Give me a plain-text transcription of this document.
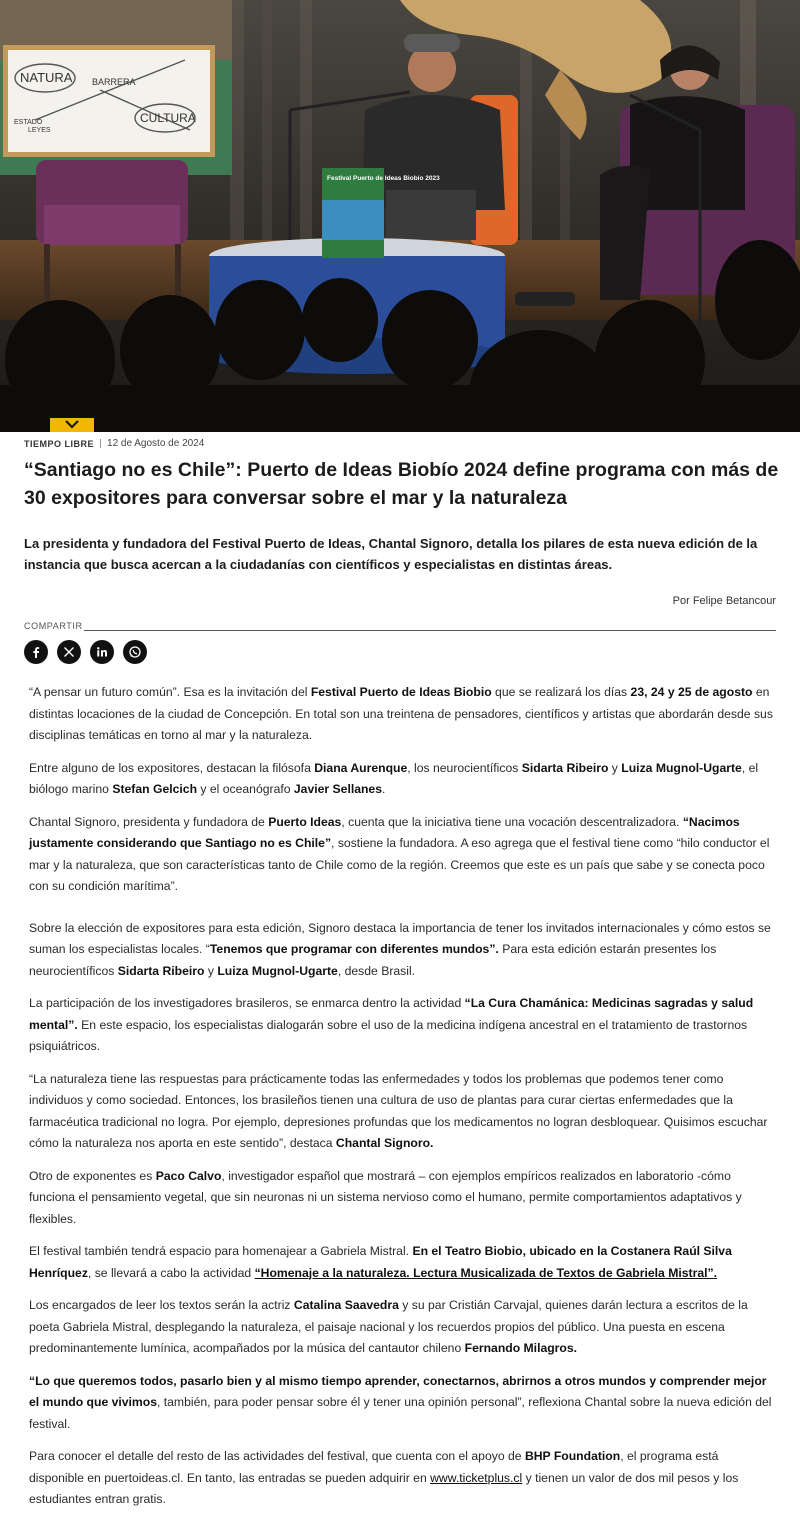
NATURA BARRERA
CULTURA
ESTADO
LEYES
Festival Puerto de Ideas Biobío 2023
TIEMPO LIBRE 12 de Agosto de 2024
“Santiago no es Chile”: Puerto de Ideas Biobío 2024 define programa con más de 30 expositores para conversar sobre el mar y la naturaleza

La presidenta y fundadora del Festival Puerto de Ideas, Chantal Signoro, detalla los pilares de esta nueva edición de la instancia que busca acercan a la ciudadanías con científicos y especialistas en distintas áreas.

Por Felipe Betancour
COMPARTIR

“A pensar un futuro común”. Esa es la invitación del Festival Puerto de Ideas Biobio que se realizará los días 23, 24 y 25 de agosto en distintas locaciones de la ciudad de Concepción. En total son una treintena de pensadores, científicos y artistas que abordarán desde sus disciplinas temáticas en torno al mar y la naturaleza.

Entre alguno de los expositores, destacan la filósofa Diana Aurenque, los neurocientíficos Sidarta Ribeiro y Luiza Mugnol-Ugarte, el biólogo marino Stefan Gelcich y el oceanógrafo Javier Sellanes.

Chantal Signoro, presidenta y fundadora de Puerto Ideas, cuenta que la iniciativa tiene una vocación descentralizadora. “Nacimos justamente considerando que Santiago no es Chile”, sostiene la fundadora. A eso agrega que el festival tiene como “hilo conductor el mar y la naturaleza, que son características tanto de Chile como de la región. Creemos que este es un país que sabe y se conecta poco con su condición marítima”.

Sobre la elección de expositores para esta edición, Signoro destaca la importancia de tener los invitados internacionales y cómo estos se suman los especialistas locales. “Tenemos que programar con diferentes mundos”. Para esta edición estarán presentes los neurocientíficos Sidarta Ribeiro y Luiza Mugnol-Ugarte, desde Brasil.

La participación de los investigadores brasileros, se enmarca dentro la actividad “La Cura Chamánica: Medicinas sagradas y salud mental”. En este espacio, los especialistas dialogarán sobre el uso de la medicina indígena ancestral en el tratamiento de trastornos psiquiátricos.

“La naturaleza tiene las respuestas para prácticamente todas las enfermedades y todos los problemas que podemos tener como individuos y como sociedad. Entonces, los brasileños tienen una cultura de uso de plantas para curar ciertas enfermedades que la farmacéutica tradicional no logra. Por ejemplo, depresiones profundas que los medicamentos no logran desbloquear. Quisimos escuchar cómo la naturaleza nos aporta en este sentido”, destaca Chantal Signoro.

Otro de exponentes es Paco Calvo, investigador español que mostrará – con ejemplos empíricos realizados en laboratorio -cómo funciona el pensamiento vegetal, que sin neuronas ni un sistema nervioso como el humano, permite comportamientos adaptativos y flexibles.

El festival también tendrá espacio para homenajear a Gabriela Mistral. En el Teatro Biobio, ubicado en la Costanera Raúl Silva Henríquez, se llevará a cabo la actividad “Homenaje a la naturaleza. Lectura Musicalizada de Textos de Gabriela Mistral”.

Los encargados de leer los textos serán la actriz Catalina Saavedra y su par Cristián Carvajal, quienes darán lectura a escritos de la poeta Gabriela Mistral, desplegando la naturaleza, el paisaje nacional y los recuerdos propios del público. Una puesta en escena predominantemente lumínica, acompañados por la música del cantautor chileno Fernando Milagros.

“Lo que queremos todos, pasarlo bien y al mismo tiempo aprender, conectarnos, abrirnos a otros mundos y comprender mejor el mundo que vivimos, también, para poder pensar sobre él y tener una opinión personal”, reflexiona Chantal sobre la nueva edición del festival.

Para conocer el detalle del resto de las actividades del festival, que cuenta con el apoyo de BHP Foundation, el programa está disponible en puertoideas.cl. En tanto, las entradas se pueden adquirir en www.ticketplus.cl y tienen un valor de dos mil pesos y los estudiantes entran gratis.
